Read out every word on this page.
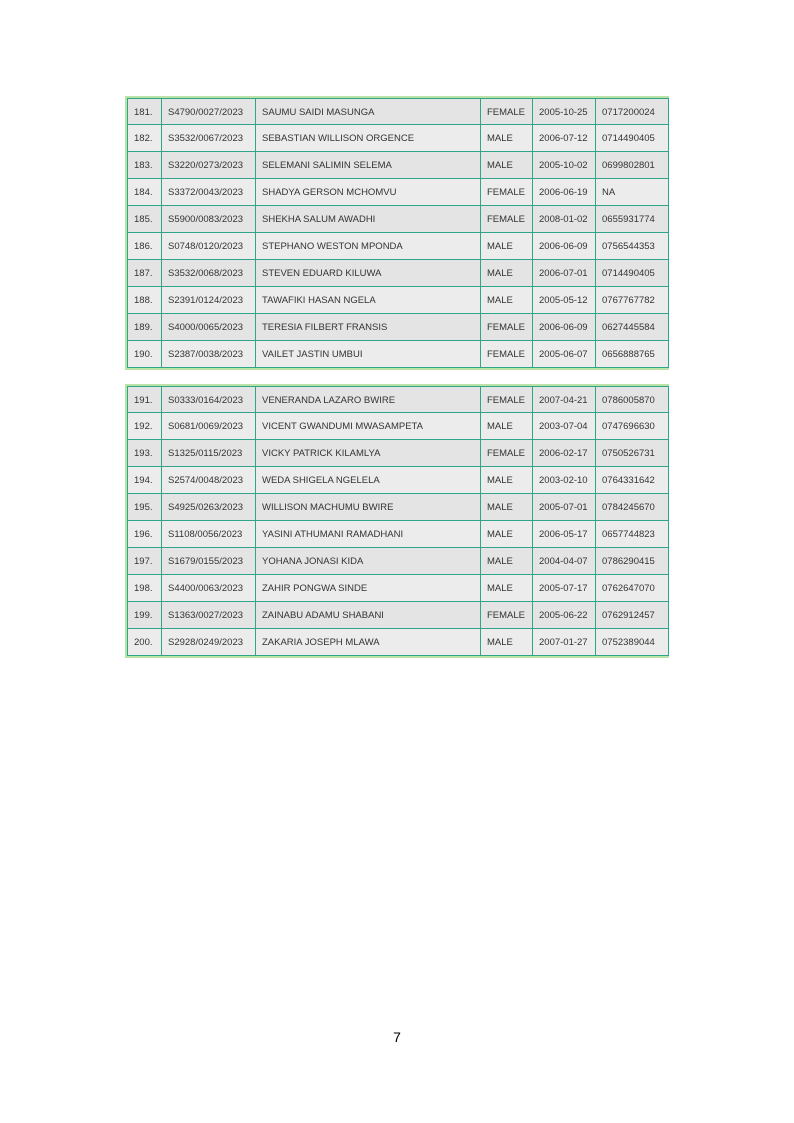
181.	S4790/0027/2023	SAUMU SAIDI MASUNGA	FEMALE	2005-10-25	0717200024
182.	S3532/0067/2023	SEBASTIAN WILLISON ORGENCE	MALE	2006-07-12	0714490405
183.	S3220/0273/2023	SELEMANI SALIMIN SELEMA	MALE	2005-10-02	0699802801
184.	S3372/0043/2023	SHADYA GERSON MCHOMVU	FEMALE	2006-06-19	NA
185.	S5900/0083/2023	SHEKHA SALUM AWADHI	FEMALE	2008-01-02	0655931774
186.	S0748/0120/2023	STEPHANO WESTON MPONDA	MALE	2006-06-09	0756544353
187.	S3532/0068/2023	STEVEN EDUARD KILUWA	MALE	2006-07-01	0714490405
188.	S2391/0124/2023	TAWAFIKI HASAN NGELA	MALE	2005-05-12	0767767782
189.	S4000/0065/2023	TERESIA FILBERT FRANSIS	FEMALE	2006-06-09	0627445584
190.	S2387/0038/2023	VAILET JASTIN UMBUI	FEMALE	2005-06-07	0656888765
191.	S0333/0164/2023	VENERANDA LAZARO BWIRE	FEMALE	2007-04-21	0786005870
192.	S0681/0069/2023	VICENT GWANDUMI MWASAMPETA	MALE	2003-07-04	0747696630
193.	S1325/0115/2023	VICKY PATRICK KILAMLYA	FEMALE	2006-02-17	0750526731
194.	S2574/0048/2023	WEDA SHIGELA NGELELA	MALE	2003-02-10	0764331642
195.	S4925/0263/2023	WILLISON MACHUMU BWIRE	MALE	2005-07-01	0784245670
196.	S1108/0056/2023	YASINI ATHUMANI RAMADHANI	MALE	2006-05-17	0657744823
197.	S1679/0155/2023	YOHANA JONASI KIDA	MALE	2004-04-07	0786290415
198.	S4400/0063/2023	ZAHIR PONGWA SINDE	MALE	2005-07-17	0762647070
199.	S1363/0027/2023	ZAINABU ADAMU SHABANI	FEMALE	2005-06-22	0762912457
200.	S2928/0249/2023	ZAKARIA JOSEPH MLAWA	MALE	2007-01-27	0752389044
7
